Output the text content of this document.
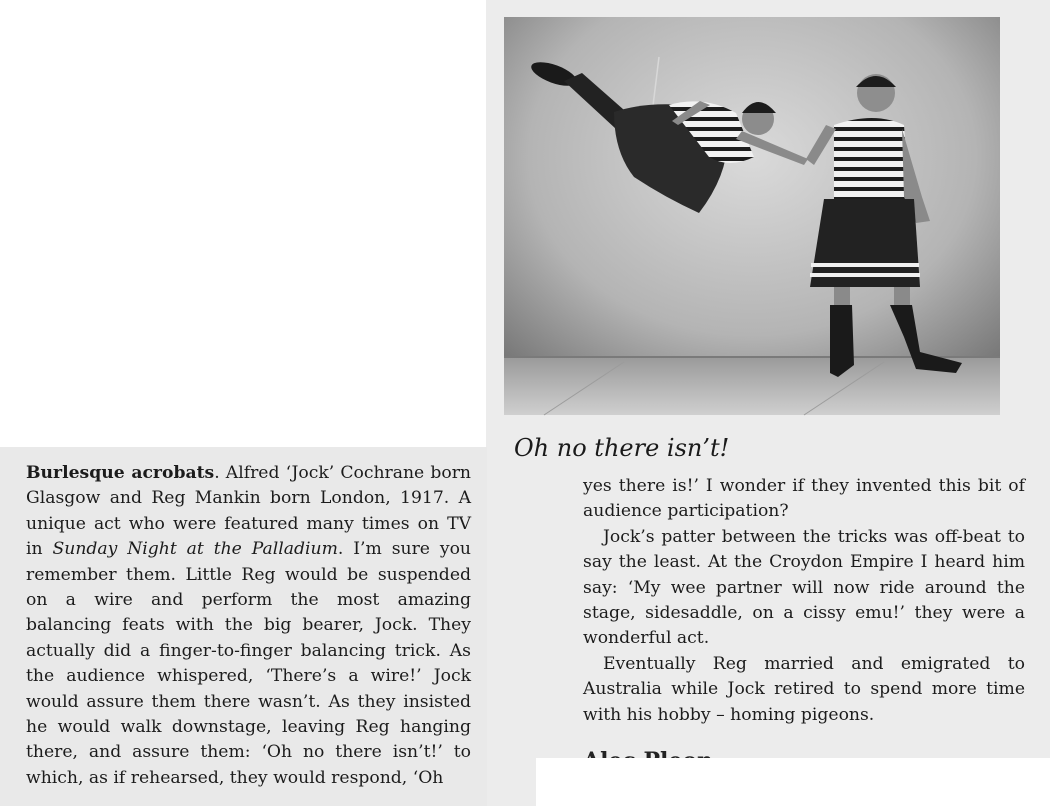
Oh no there isn’t!

Burlesque acrobats. Alfred ‘Jock’ Cochrane born Glasgow and Reg Mankin born London, 1917. A unique act who were featured many times on TV in Sunday Night at the Palladium. I’m sure you remember them. Little Reg would be suspended on a wire and perform the most amazing balancing feats with the big bearer, Jock. They actually did a finger-to-finger balancing trick. As the audience whispered, ‘There’s a wire!’ Jock would assure them there wasn’t. As they insisted he would walk downstage, leaving Reg hanging there, and assure them: ‘Oh no there isn’t!’ to which, as if rehearsed, they would respond, ‘Oh

yes there is!’ I wonder if they invented this bit of audience participation?

Jock’s patter between the tricks was off-beat to say the least. At the Croydon Empire I heard him say: ‘My wee partner will now ride around the stage, sidesaddle, on a cissy emu!’ they were a wonderful act.

Eventually Reg married and emigrated to Australia while Jock retired to spend more time with his hobby – homing pigeons.
